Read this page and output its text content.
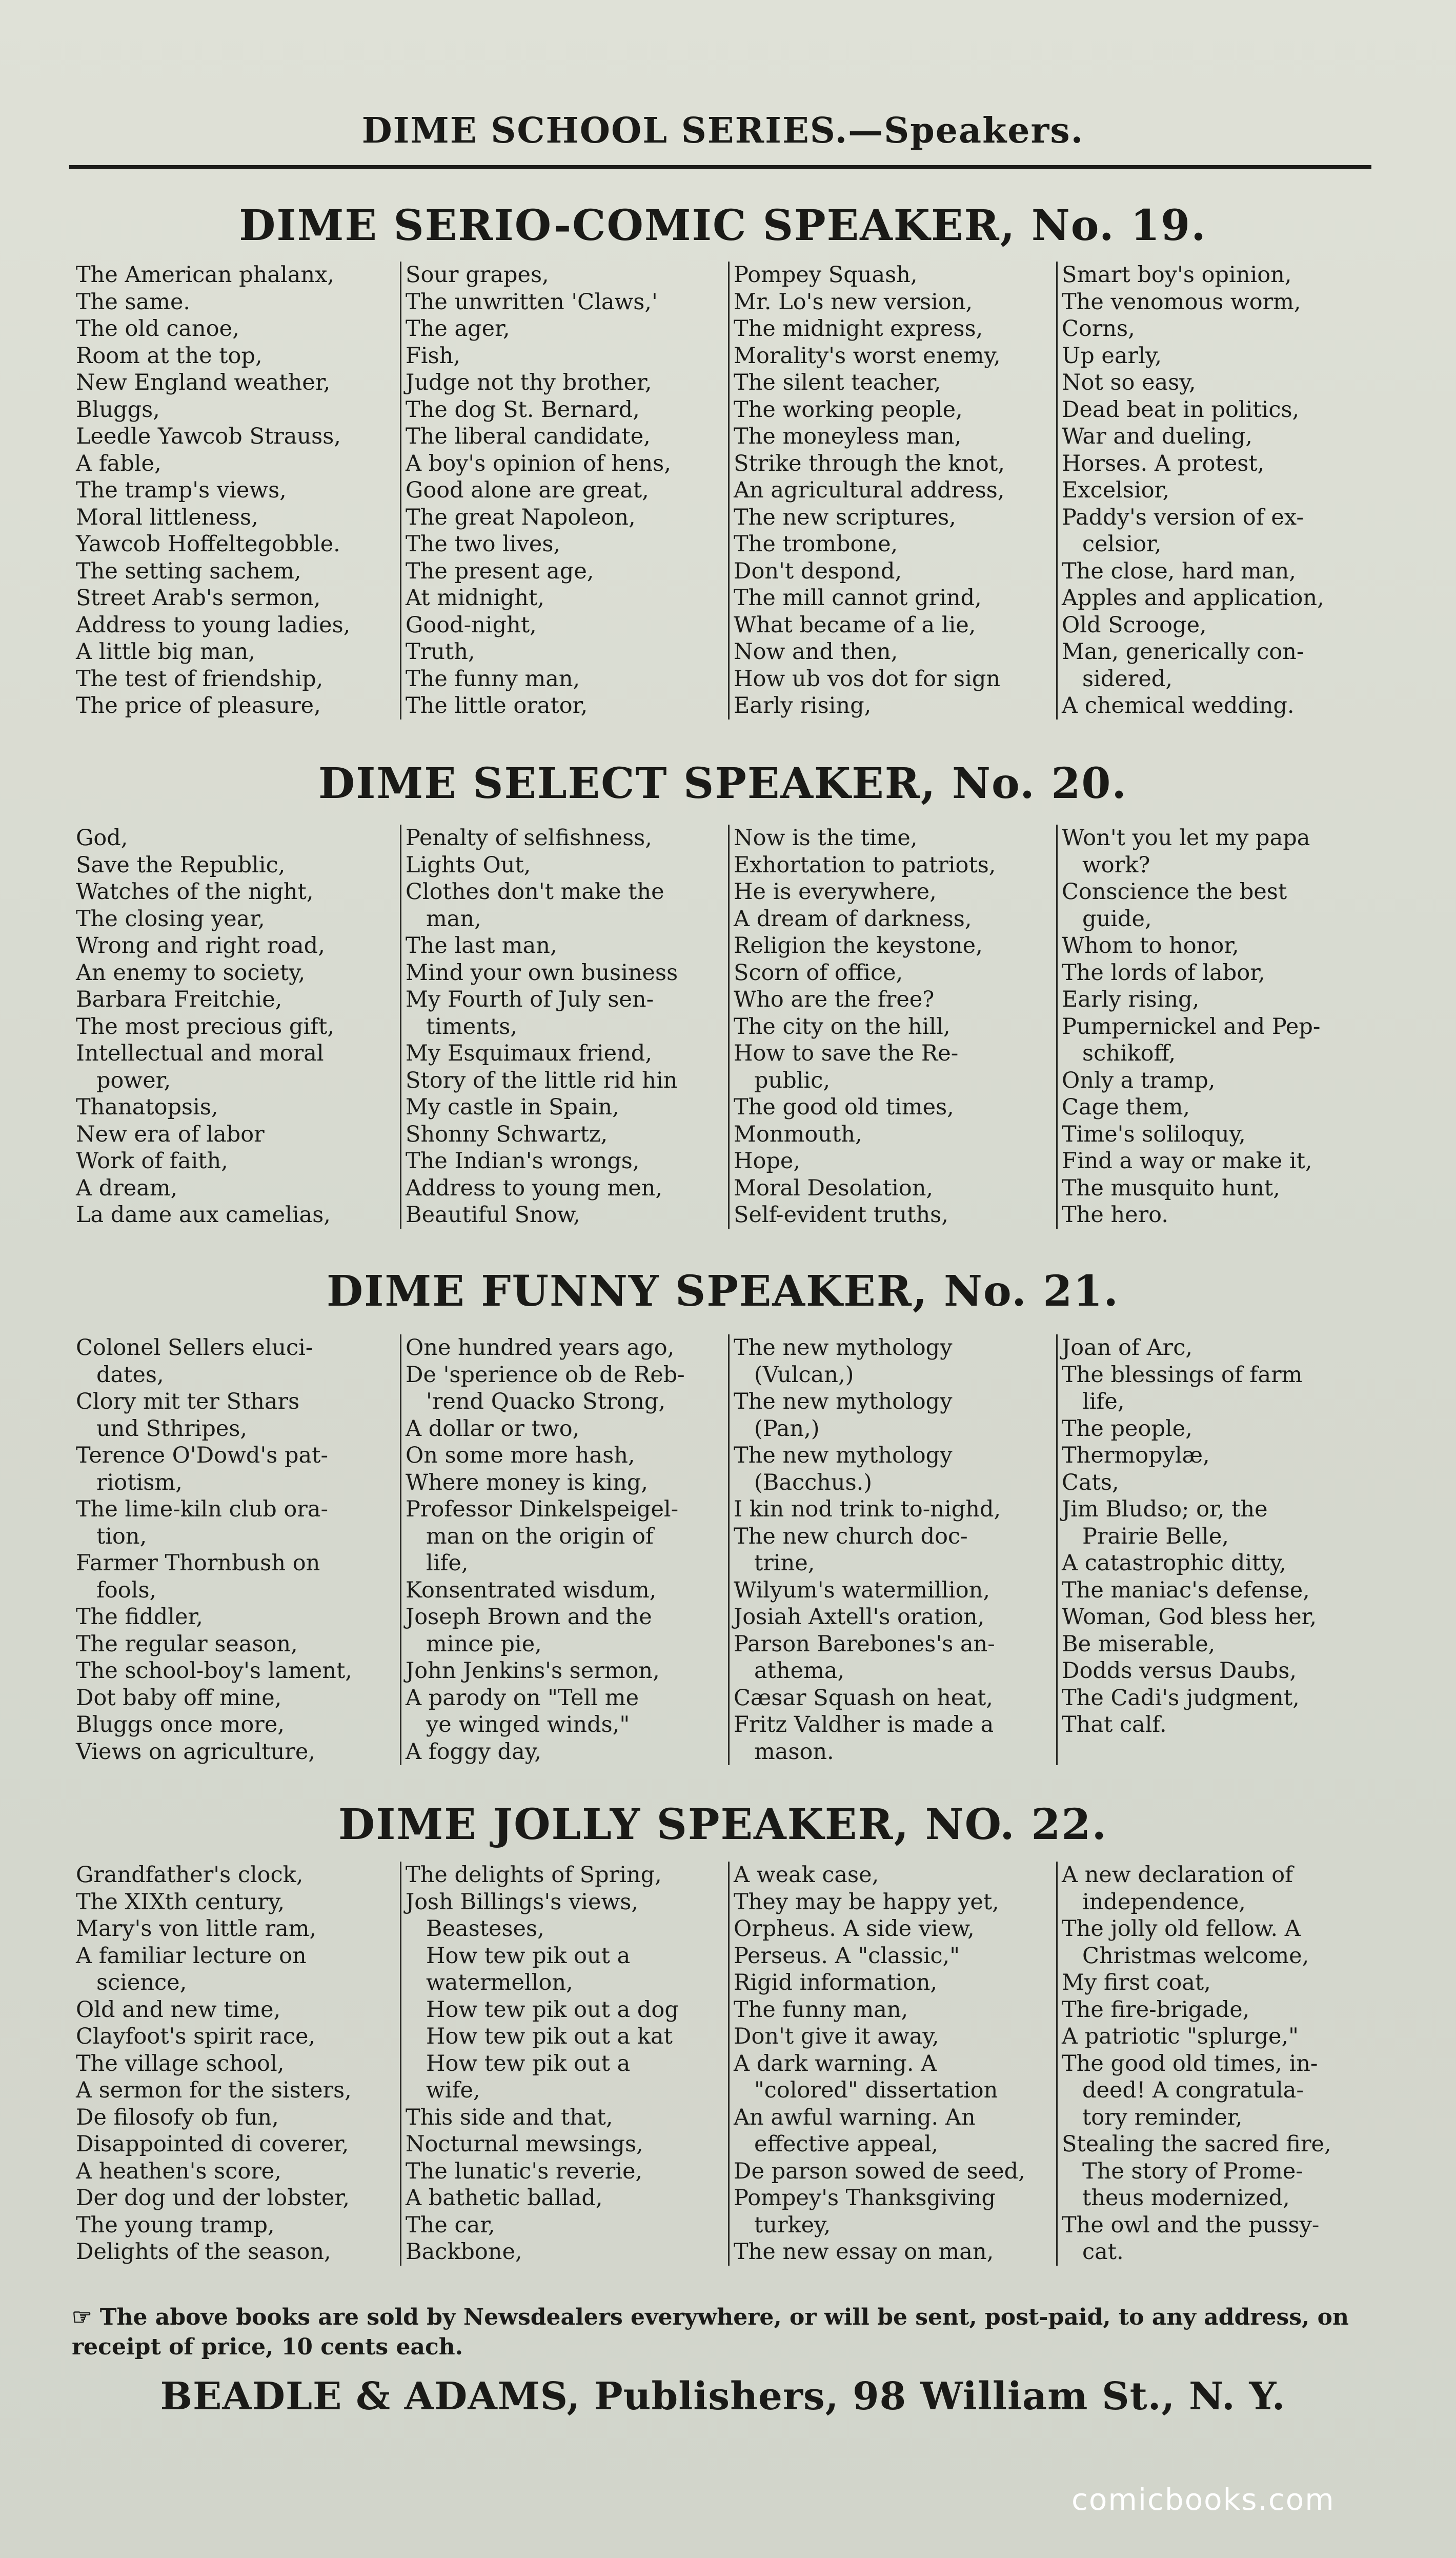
DIME SCHOOL SERIES.—Speakers.
DIME SERIO-COMIC SPEAKER, No. 19.
The American phalanx,
The same.
The old canoe,
Room at the top,
New England weather,
Bluggs,
Leedle Yawcob Strauss,
A fable,
The tramp's views,
Moral littleness,
Yawcob Hoffeltegobble.
The setting sachem,
Street Arab's sermon,
Address to young ladies,
A little big man,
The test of friendship,
The price of pleasure,
Sour grapes,
The unwritten 'Claws,'
The ager,
Fish,
Judge not thy brother,
The dog St. Bernard,
The liberal candidate,
A boy's opinion of hens,
Good alone are great,
The great Napoleon,
The two lives,
The present age,
At midnight,
Good-night,
Truth,
The funny man,
The little orator,
Pompey Squash,
Mr. Lo's new version,
The midnight express,
Morality's worst enemy,
The silent teacher,
The working people,
The moneyless man,
Strike through the knot,
An agricultural address,
The new scriptures,
The trombone,
Don't despond,
The mill cannot grind,
What became of a lie,
Now and then,
How ub vos dot for sign
Early rising,
Smart boy's opinion,
The venomous worm,
Corns,
Up early,
Not so easy,
Dead beat in politics,
War and dueling,
Horses. A protest,
Excelsior,
Paddy's version of ex-
celsior,
The close, hard man,
Apples and application,
Old Scrooge,
Man, generically con-
sidered,
A chemical wedding.
DIME SELECT SPEAKER, No. 20.
God,
Save the Republic,
Watches of the night,
The closing year,
Wrong and right road,
An enemy to society,
Barbara Freitchie,
The most precious gift,
Intellectual and moral
power,
Thanatopsis,
New era of labor
Work of faith,
A dream,
La dame aux camelias,
Penalty of selfishness,
Lights Out,
Clothes don't make the
man,
The last man,
Mind your own business
My Fourth of July sen-
timents,
My Esquimaux friend,
Story of the little rid hin
My castle in Spain,
Shonny Schwartz,
The Indian's wrongs,
Address to young men,
Beautiful Snow,
Now is the time,
Exhortation to patriots,
He is everywhere,
A dream of darkness,
Religion the keystone,
Scorn of office,
Who are the free?
The city on the hill,
How to save the Re-
public,
The good old times,
Monmouth,
Hope,
Moral Desolation,
Self-evident truths,
Won't you let my papa
work?
Conscience the best
guide,
Whom to honor,
The lords of labor,
Early rising,
Pumpernickel and Pep-
schikoff,
Only a tramp,
Cage them,
Time's soliloquy,
Find a way or make it,
The musquito hunt,
The hero.
DIME FUNNY SPEAKER, No. 21.
Colonel Sellers eluci-
dates,
Clory mit ter Sthars
und Sthripes,
Terence O'Dowd's pat-
riotism,
The lime-kiln club ora-
tion,
Farmer Thornbush on
fools,
The fiddler,
The regular season,
The school-boy's lament,
Dot baby off mine,
Bluggs once more,
Views on agriculture,
One hundred years ago,
De 'sperience ob de Reb-
'rend Quacko Strong,
A dollar or two,
On some more hash,
Where money is king,
Professor Dinkelspeigel-
man on the origin of
life,
Konsentrated wisdum,
Joseph Brown and the
mince pie,
John Jenkins's sermon,
A parody on "Tell me
ye winged winds,"
A foggy day,
The new mythology
(Vulcan,)
The new mythology
(Pan,)
The new mythology
(Bacchus.)
I kin nod trink to-nighd,
The new church doc-
trine,
Wilyum's watermillion,
Josiah Axtell's oration,
Parson Barebones's an-
athema,
Cæsar Squash on heat,
Fritz Valdher is made a
mason.
Joan of Arc,
The blessings of farm
life,
The people,
Thermopylæ,
Cats,
Jim Bludso; or, the
Prairie Belle,
A catastrophic ditty,
The maniac's defense,
Woman, God bless her,
Be miserable,
Dodds versus Daubs,
The Cadi's judgment,
That calf.
DIME JOLLY SPEAKER, NO. 22.
Grandfather's clock,
The XIXth century,
Mary's von little ram,
A familiar lecture on
science,
Old and new time,
Clayfoot's spirit race,
The village school,
A sermon for the sisters,
De filosofy ob fun,
Disappointed di coverer,
A heathen's score,
Der dog und der lobster,
The young tramp,
Delights of the season,
The delights of Spring,
Josh Billings's views,
Beasteses,
How tew pik out a
watermellon,
How tew pik out a dog
How tew pik out a kat
How tew pik out a
wife,
This side and that,
Nocturnal mewsings,
The lunatic's reverie,
A bathetic ballad,
The car,
Backbone,
A weak case,
They may be happy yet,
Orpheus. A side view,
Perseus. A "classic,"
Rigid information,
The funny man,
Don't give it away,
A dark warning. A
"colored" dissertation
An awful warning. An
effective appeal,
De parson sowed de seed,
Pompey's Thanksgiving
turkey,
The new essay on man,
A new declaration of
independence,
The jolly old fellow. A
Christmas welcome,
My first coat,
The fire-brigade,
A patriotic "splurge,"
The good old times, in-
deed! A congratula-
tory reminder,
Stealing the sacred fire,
The story of Prome-
theus modernized,
The owl and the pussy-
cat.
☞ The above books are sold by Newsdealers everywhere, or will be sent, post-paid, to any address, on receipt of price, 10 cents each.
BEADLE & ADAMS, Publishers, 98 William St., N. Y.
comicbooks.com
